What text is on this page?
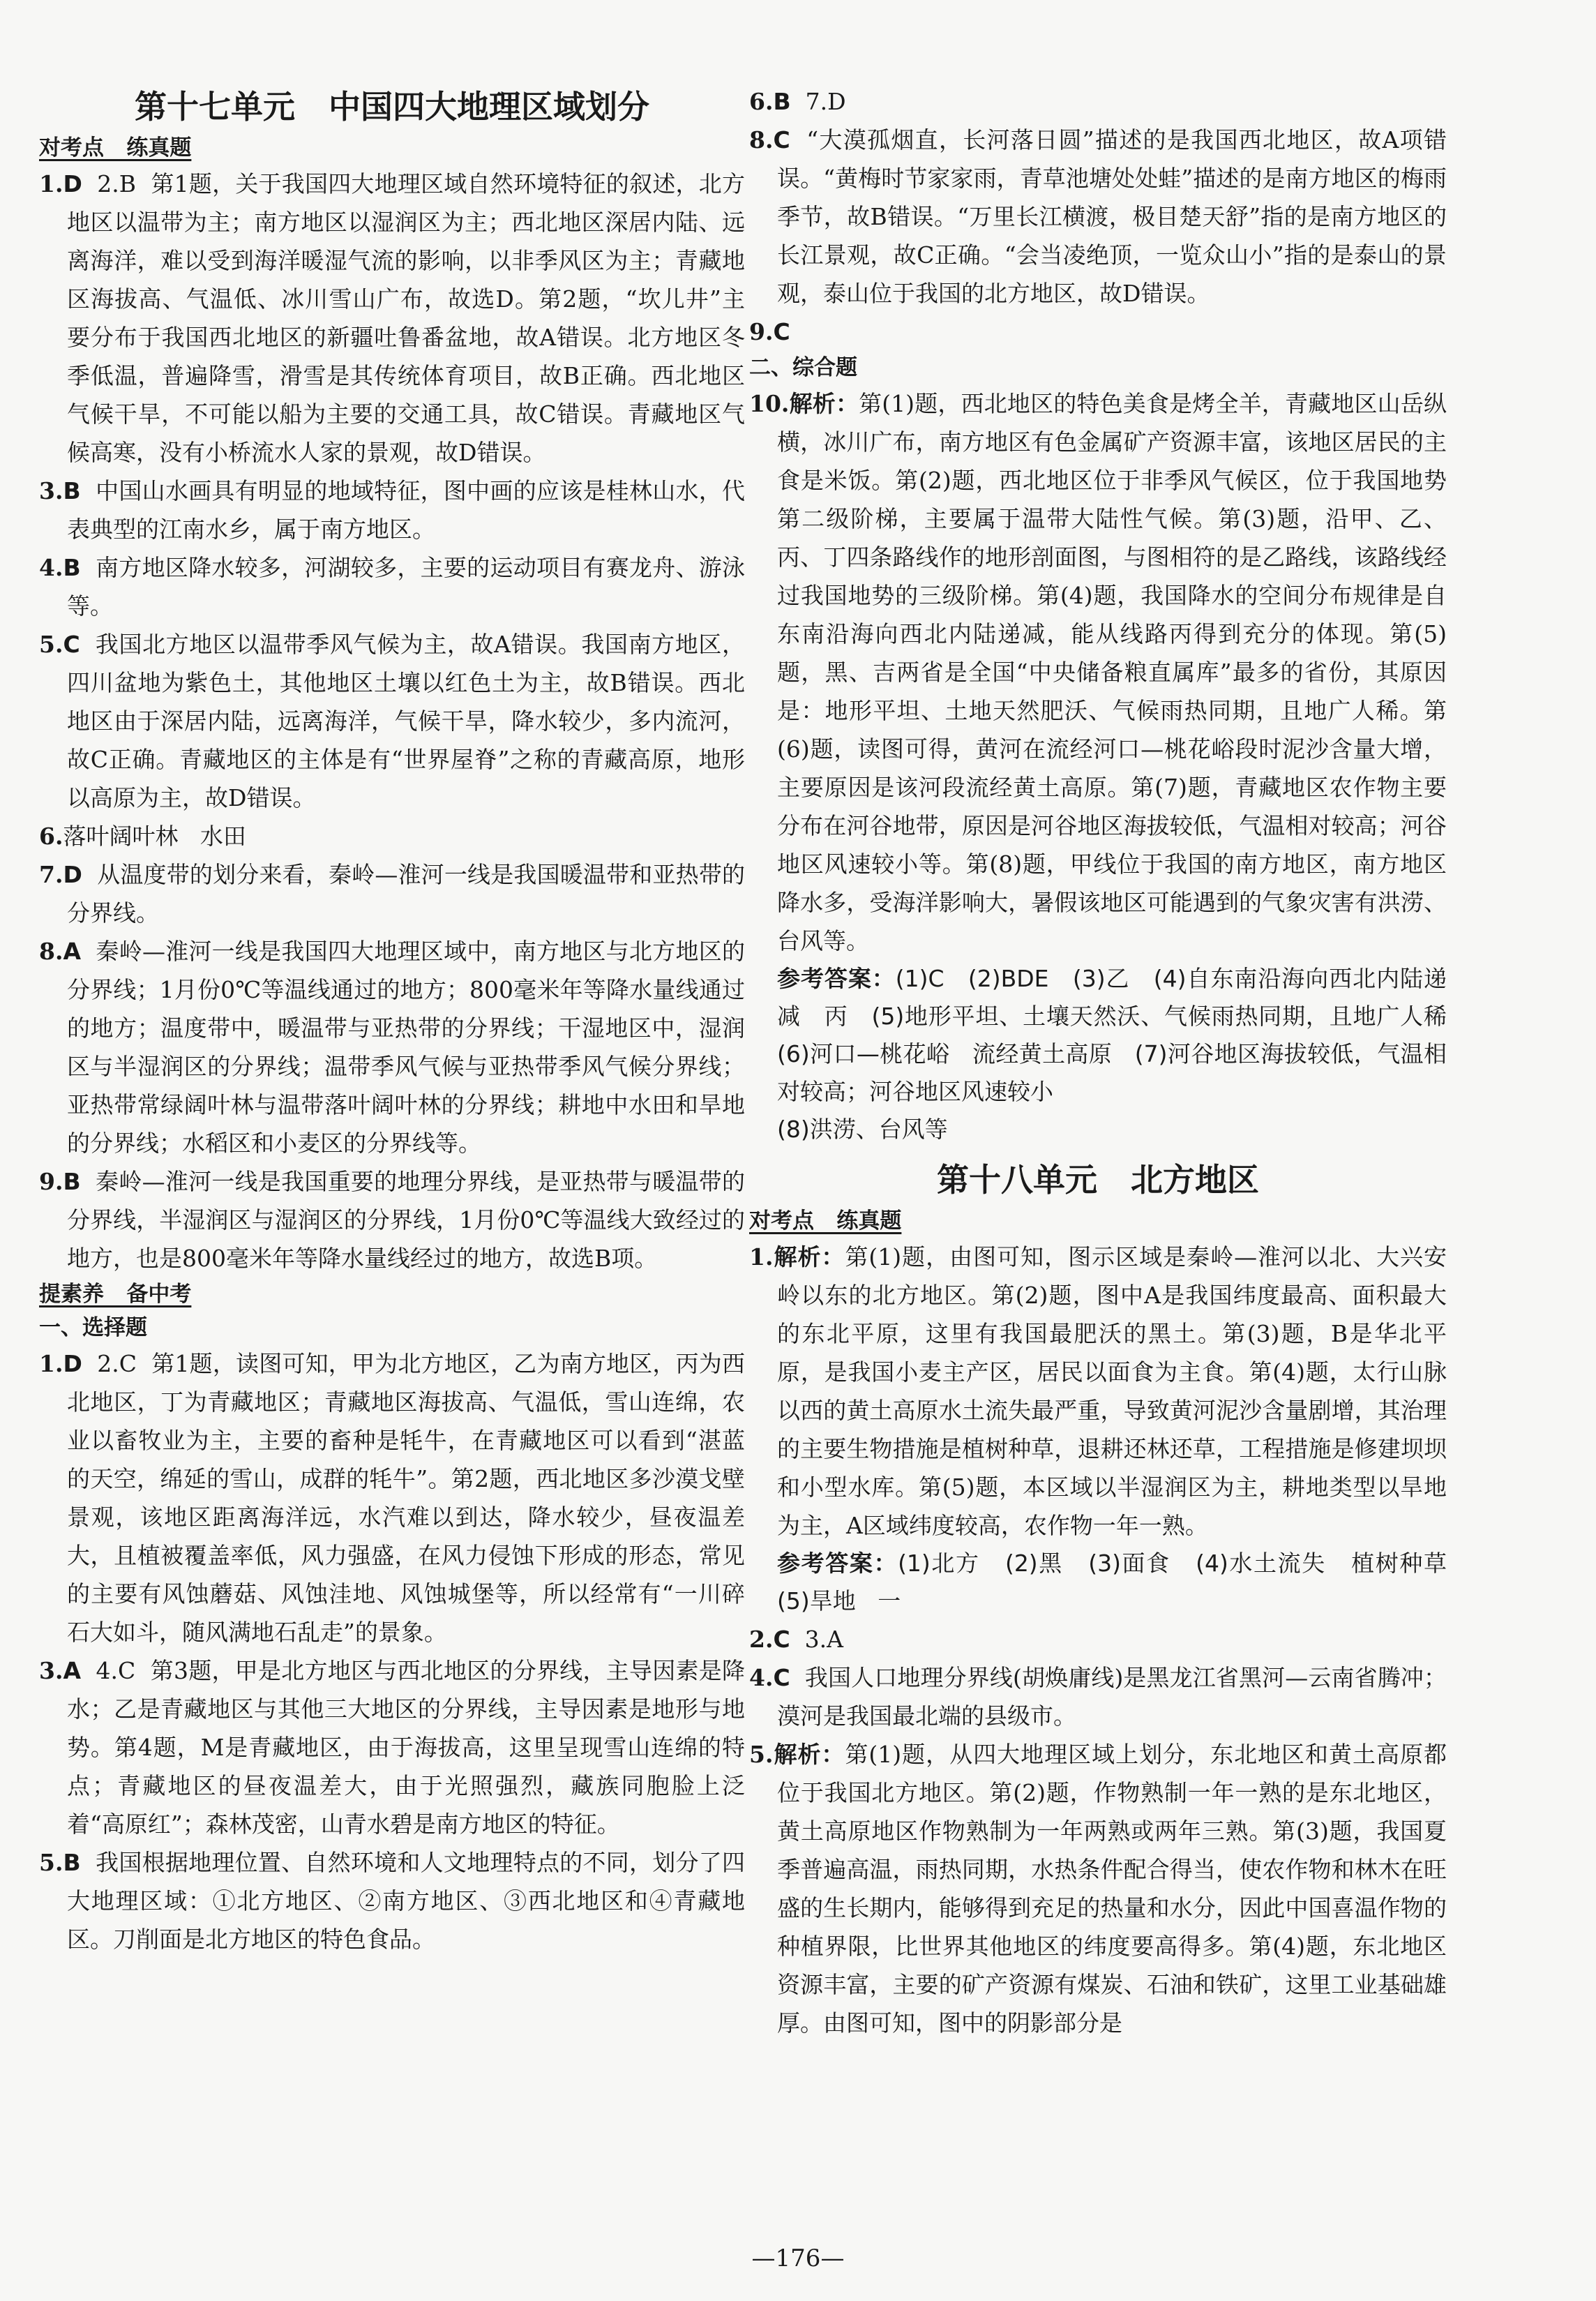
第十七单元   中国四大地理区域划分

对考点   练真题

1.D  2.B  第1题，关于我国四大地理区域自然环境特征的叙述，北方地区以温带为主；南方地区以湿润区为主；西北地区深居内陆、远离海洋，难以受到海洋暖湿气流的影响，以非季风区为主；青藏地区海拔高、气温低、冰川雪山广布，故选D。第2题，“坎儿井”主要分布于我国西北地区的新疆吐鲁番盆地，故A错误。北方地区冬季低温，普遍降雪，滑雪是其传统体育项目，故B正确。西北地区气候干旱，不可能以船为主要的交通工具，故C错误。青藏地区气候高寒，没有小桥流水人家的景观，故D错误。

3.B  中国山水画具有明显的地域特征，图中画的应该是桂林山水，代表典型的江南水乡，属于南方地区。

4.B  南方地区降水较多，河湖较多，主要的运动项目有赛龙舟、游泳等。

5.C  我国北方地区以温带季风气候为主，故A错误。我国南方地区，四川盆地为紫色土，其他地区土壤以红色土为主，故B错误。西北地区由于深居内陆，远离海洋，气候干旱，降水较少，多内流河，故C正确。青藏地区的主体是有“世界屋脊”之称的青藏高原，地形以高原为主，故D错误。

6.落叶阔叶林   水田

7.D  从温度带的划分来看，秦岭—淮河一线是我国暖温带和亚热带的分界线。

8.A  秦岭—淮河一线是我国四大地理区域中，南方地区与北方地区的分界线；1月份0℃等温线通过的地方；800毫米年等降水量线通过的地方；温度带中，暖温带与亚热带的分界线；干湿地区中，湿润区与半湿润区的分界线；温带季风气候与亚热带季风气候分界线；亚热带常绿阔叶林与温带落叶阔叶林的分界线；耕地中水田和旱地的分界线；水稻区和小麦区的分界线等。

9.B  秦岭—淮河一线是我国重要的地理分界线，是亚热带与暖温带的分界线，半湿润区与湿润区的分界线，1月份0℃等温线大致经过的地方，也是800毫米年等降水量线经过的地方，故选B项。

提素养   备中考

一、选择题

1.D  2.C  第1题，读图可知，甲为北方地区，乙为南方地区，丙为西北地区，丁为青藏地区；青藏地区海拔高、气温低，雪山连绵，农业以畜牧业为主，主要的畜种是牦牛，在青藏地区可以看到“湛蓝的天空，绵延的雪山，成群的牦牛”。第2题，西北地区多沙漠戈壁景观，该地区距离海洋远，水汽难以到达，降水较少，昼夜温差大，且植被覆盖率低，风力强盛，在风力侵蚀下形成的形态，常见的主要有风蚀蘑菇、风蚀洼地、风蚀城堡等，所以经常有“一川碎石大如斗，随风满地石乱走”的景象。

3.A  4.C  第3题，甲是北方地区与西北地区的分界线，主导因素是降水；乙是青藏地区与其他三大地区的分界线，主导因素是地形与地势。第4题，M是青藏地区，由于海拔高，这里呈现雪山连绵的特点；青藏地区的昼夜温差大，由于光照强烈，藏族同胞脸上泛着“高原红”；森林茂密，山青水碧是南方地区的特征。

5.B  我国根据地理位置、自然环境和人文地理特点的不同，划分了四大地理区域：①北方地区、②南方地区、③西北地区和④青藏地区。刀削面是北方地区的特色食品。

6.B  7.D

8.C  “大漠孤烟直，长河落日圆”描述的是我国西北地区，故A项错误。“黄梅时节家家雨，青草池塘处处蛙”描述的是南方地区的梅雨季节，故B错误。“万里长江横渡，极目楚天舒”指的是南方地区的长江景观，故C正确。“会当凌绝顶，一览众山小”指的是泰山的景观，泰山位于我国的北方地区，故D错误。

9.C

二、综合题

10.解析：第(1)题，西北地区的特色美食是烤全羊，青藏地区山岳纵横，冰川广布，南方地区有色金属矿产资源丰富，该地区居民的主食是米饭。第(2)题，西北地区位于非季风气候区，位于我国地势第二级阶梯，主要属于温带大陆性气候。第(3)题，沿甲、乙、丙、丁四条路线作的地形剖面图，与图相符的是乙路线，该路线经过我国地势的三级阶梯。第(4)题，我国降水的空间分布规律是自东南沿海向西北内陆递减，能从线路丙得到充分的体现。第(5)题，黑、吉两省是全国“中央储备粮直属库”最多的省份，其原因是：地形平坦、土地天然肥沃、气候雨热同期，且地广人稀。第(6)题，读图可得，黄河在流经河口—桃花峪段时泥沙含量大增，主要原因是该河段流经黄土高原。第(7)题，青藏地区农作物主要分布在河谷地带，原因是河谷地区海拔较低，气温相对较高；河谷地区风速较小等。第(8)题，甲线位于我国的南方地区，南方地区降水多，受海洋影响大，暑假该地区可能遇到的气象灾害有洪涝、台风等。

参考答案：(1)C   (2)BDE   (3)乙   (4)自东南沿海向西北内陆递减   丙   (5)地形平坦、土壤天然沃、气候雨热同期，且地广人稀   (6)河口—桃花峪   流经黄土高原   (7)河谷地区海拔较低，气温相对较高；河谷地区风速较小
(8)洪涝、台风等

第十八单元   北方地区

对考点   练真题

1.解析：第(1)题，由图可知，图示区域是秦岭—淮河以北、大兴安岭以东的北方地区。第(2)题，图中A是我国纬度最高、面积最大的东北平原，这里有我国最肥沃的黑土。第(3)题，B是华北平原，是我国小麦主产区，居民以面食为主食。第(4)题，太行山脉以西的黄土高原水土流失最严重，导致黄河泥沙含量剧增，其治理的主要生物措施是植树种草，退耕还林还草，工程措施是修建坝坝和小型水库。第(5)题，本区域以半湿润区为主，耕地类型以旱地为主，A区域纬度较高，农作物一年一熟。

参考答案：(1)北方   (2)黑   (3)面食   (4)水土流失   植树种草   (5)旱地   一

2.C  3.A

4.C  我国人口地理分界线(胡焕庸线)是黑龙江省黑河—云南省腾冲；漠河是我国最北端的县级市。

5.解析：第(1)题，从四大地理区域上划分，东北地区和黄土高原都位于我国北方地区。第(2)题，作物熟制一年一熟的是东北地区，黄土高原地区作物熟制为一年两熟或两年三熟。第(3)题，我国夏季普遍高温，雨热同期，水热条件配合得当，使农作物和林木在旺盛的生长期内，能够得到充足的热量和水分，因此中国喜温作物的种植界限，比世界其他地区的纬度要高得多。第(4)题，东北地区资源丰富，主要的矿产资源有煤炭、石油和铁矿，这里工业基础雄厚。由图可知，图中的阴影部分是

—176—
